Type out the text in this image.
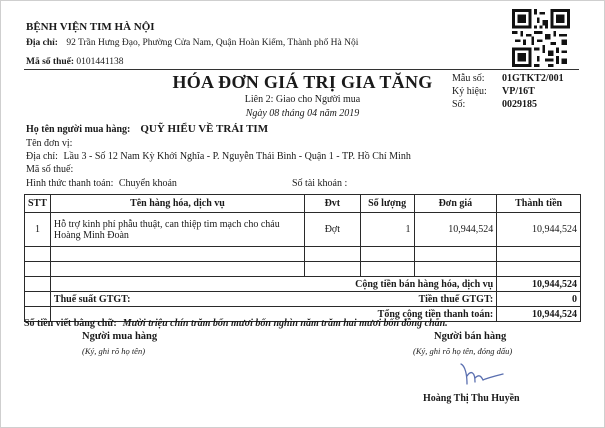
BỆNH VIỆN TIM HÀ NỘI
Địa chỉ: 92 Trần Hưng Đạo, Phường Cửa Nam, Quận Hoàn Kiếm, Thành phố Hà Nội
Mã số thuế: 0101441138
HÓA ĐƠN GIÁ TRỊ GIA TĂNG
Liên 2: Giao cho Người mua
Ngày 08 tháng 04 năm 2019
Mẫu số: 01GTKT2/001
Ký hiệu: VP/16T
Số:	0029185
Họ tên người mua hàng: QUỸ HIỂU VỀ TRÁI TIM
Tên đơn vị:
Địa chỉ: Lầu 3 - Số 12 Nam Kỳ Khởi Nghĩa - P. Nguyễn Thái Bình - Quận 1 - TP. Hồ Chí Minh
Mã số thuế:
Hình thức thanh toán: Chuyển khoản	Số tài khoản :
STT	Tên hàng hóa, dịch vụ	Đvt	Số lượng	Đơn giá	Thành tiền
1	Hỗ trợ kinh phí phẫu thuật, can thiệp tim mạch cho cháu Hoàng Minh Đoàn	Đợt	1	10,944,524	10,944,524

	Cộng tiền bán hàng hóa, dịch vụ				10,944,524
	Thuế suất GTGT:		Tiền thuế GTGT:		0
	Tổng cộng tiền thanh toán:				10,944,524
Số tiền viết bằng chữ: Mười triệu chín trăm bốn mươi bốn nghìn năm trăm hai mươi bốn đồng chẵn.
Người mua hàng
(Ký, ghi rõ họ tên)
Người bán hàng
(Ký, ghi rõ họ tên, đóng dấu)
Hoàng Thị Thu Huyền
